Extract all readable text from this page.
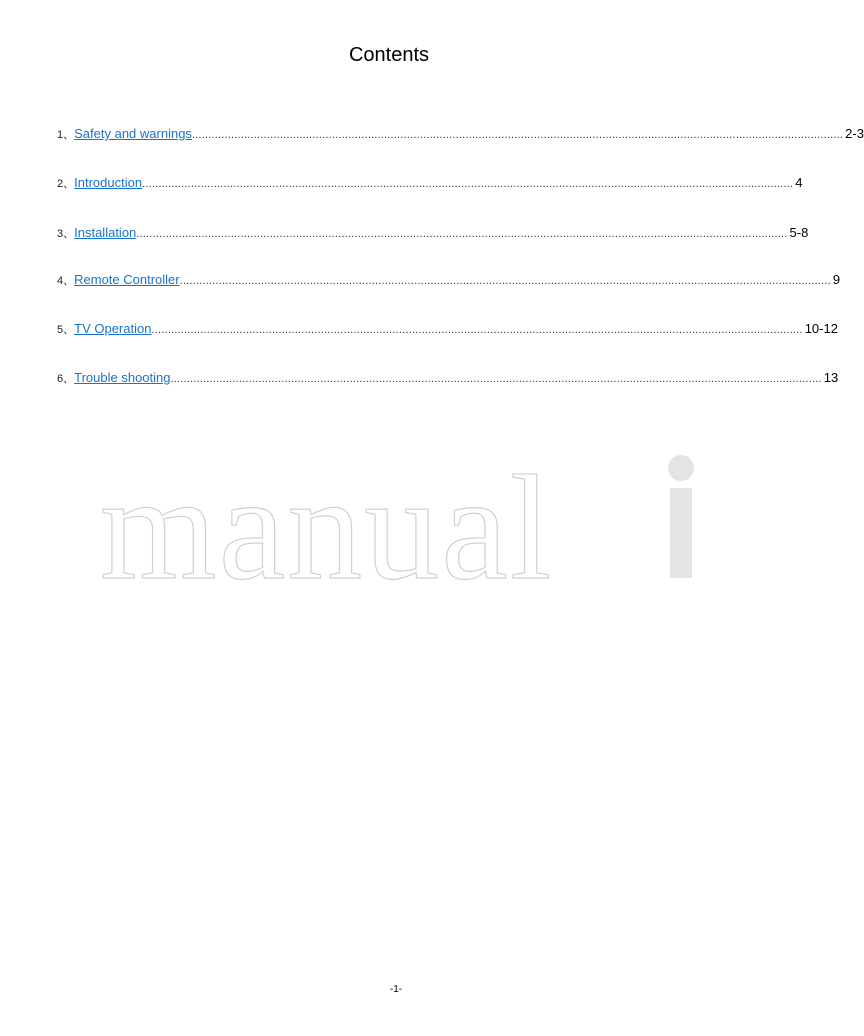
Contents
1、 Safety and warnings ........................................................................................................................................................................................................ 2-3
2、 Introduction ........................................................................................................................................................................................................ 4
3、 Installation ........................................................................................................................................................................................................ 5-8
4、 Remote Controller ........................................................................................................................................................................................................ 9
5、 TV Operation ........................................................................................................................................................................................................ 10-12
6、 Trouble shooting ........................................................................................................................................................................................................ 13
manual
-1-
